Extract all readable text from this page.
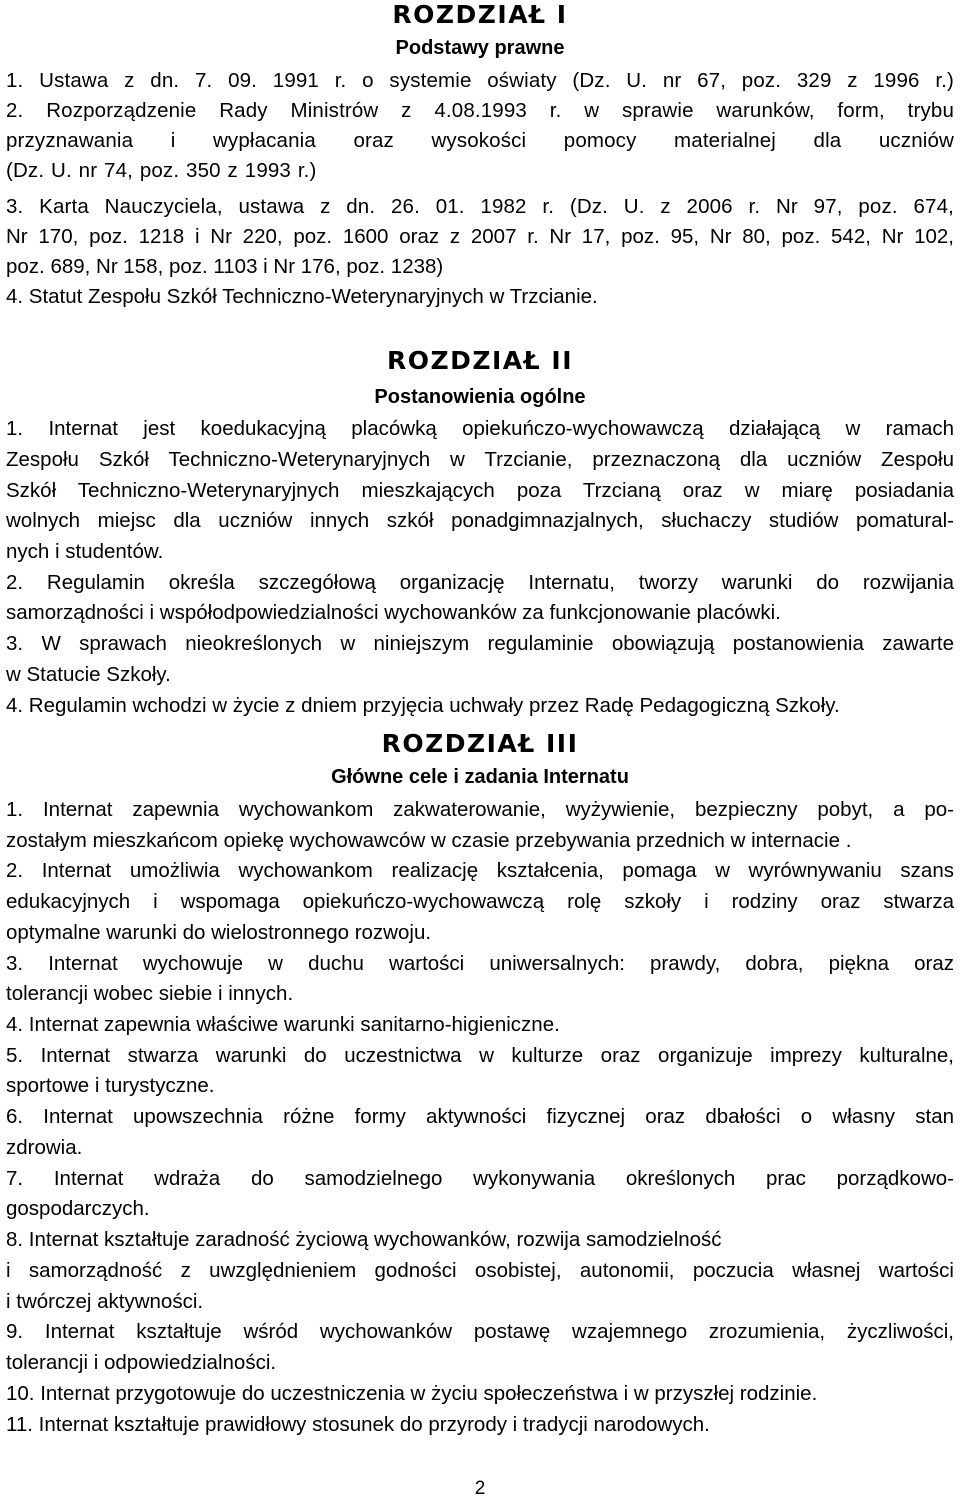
ROZDZIAŁ I
Podstawy prawne
1. Ustawa z dn. 7. 09. 1991 r. o systemie oświaty (Dz. U. nr 67, poz. 329 z 1996 r.)
2. Rozporządzenie Rady Ministrów z 4.08.1993 r. w sprawie warunków, form, trybu
przyznawania i wypłacania oraz wysokości pomocy materialnej dla uczniów
(Dz. U. nr 74, poz. 350 z 1993 r.)
3. Karta Nauczyciela, ustawa z dn. 26. 01. 1982 r. (Dz. U. z 2006 r. Nr 97, poz. 674,
Nr 170, poz. 1218 i Nr 220, poz. 1600 oraz z 2007 r. Nr 17, poz. 95, Nr 80, poz. 542, Nr 102,
poz. 689, Nr 158, poz. 1103 i Nr 176, poz. 1238)
4. Statut Zespołu Szkół Techniczno-Weterynaryjnych w Trzcianie.
ROZDZIAŁ II
Postanowienia ogólne
1. Internat jest koedukacyjną placówką opiekuńczo-wychowawczą działającą w ramach
Zespołu Szkół Techniczno-Weterynaryjnych w Trzcianie, przeznaczoną dla uczniów Zespołu
Szkół Techniczno-Weterynaryjnych mieszkających poza Trzcianą oraz w miarę posiadania
wolnych miejsc dla uczniów innych szkół ponadgimnazjalnych, słuchaczy studiów pomatural-
nych i studentów.
2. Regulamin określa szczegółową organizację Internatu, tworzy warunki do rozwijania
samorządności i współodpowiedzialności wychowanków za funkcjonowanie placówki.
3. W sprawach nieokreślonych w niniejszym regulaminie obowiązują postanowienia zawarte
w Statucie Szkoły.
4. Regulamin wchodzi w życie z dniem przyjęcia uchwały przez Radę Pedagogiczną Szkoły.
ROZDZIAŁ III
Główne cele i zadania Internatu
1. Internat zapewnia wychowankom zakwaterowanie, wyżywienie, bezpieczny pobyt, a po-
zostałym mieszkańcom opiekę wychowawców w czasie przebywania przednich w internacie .
2. Internat umożliwia wychowankom realizację kształcenia, pomaga w wyrównywaniu szans
edukacyjnych i wspomaga opiekuńczo-wychowawczą rolę szkoły i rodziny oraz stwarza
optymalne warunki do wielostronnego rozwoju.
3. Internat wychowuje w duchu wartości uniwersalnych: prawdy, dobra, piękna oraz
tolerancji wobec siebie i innych.
4. Internat zapewnia właściwe warunki sanitarno-higieniczne.
5. Internat stwarza warunki do uczestnictwa w kulturze oraz organizuje imprezy kulturalne,
sportowe i turystyczne.
6. Internat upowszechnia różne formy aktywności fizycznej oraz dbałości o własny stan
zdrowia.
7. Internat wdraża do samodzielnego wykonywania określonych prac porządkowo-
gospodarczych.
8. Internat kształtuje zaradność życiową wychowanków, rozwija samodzielność
i samorządność z uwzględnieniem godności osobistej, autonomii, poczucia własnej wartości
i twórczej aktywności.
9. Internat kształtuje wśród wychowanków postawę wzajemnego zrozumienia, życzliwości,
tolerancji i odpowiedzialności.
10. Internat przygotowuje do uczestniczenia w życiu społeczeństwa i w przyszłej rodzinie.
11. Internat kształtuje prawidłowy stosunek do przyrody i tradycji narodowych.
2
